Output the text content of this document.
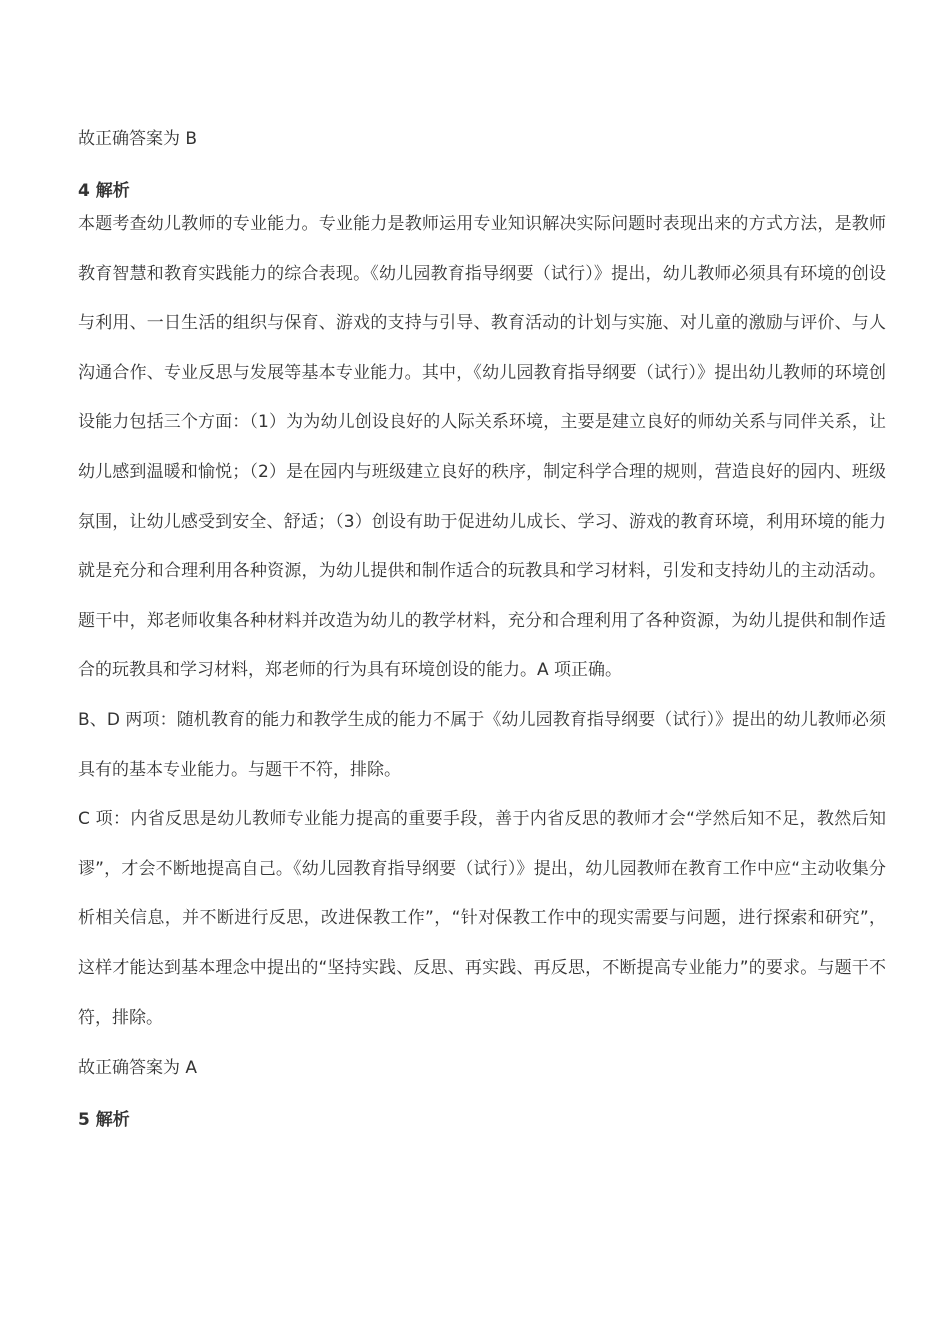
故正确答案为 B

4 解析

本题考查幼儿教师的专业能力。专业能力是教师运用专业知识解决实际问题时表现出来的方式方法，是教师教育智慧和教育实践能力的综合表现。《幼儿园教育指导纲要（试行）》提出，幼儿教师必须具有环境的创设与利用、一日生活的组织与保育、游戏的支持与引导、教育活动的计划与实施、对儿童的激励与评价、与人沟通合作、专业反思与发展等基本专业能力。其中，《幼儿园教育指导纲要（试行）》提出幼儿教师的环境创设能力包括三个方面：（1）为为幼儿创设良好的人际关系环境，主要是建立良好的师幼关系与同伴关系，让幼儿感到温暖和愉悦；（2）是在园内与班级建立良好的秩序，制定科学合理的规则，营造良好的园内、班级氛围，让幼儿感受到安全、舒适；（3）创设有助于促进幼儿成长、学习、游戏的教育环境，利用环境的能力就是充分和合理利用各种资源，为幼儿提供和制作适合的玩教具和学习材料，引发和支持幼儿的主动活动。题干中，郑老师收集各种材料并改造为幼儿的教学材料，充分和合理利用了各种资源，为幼儿提供和制作适合的玩教具和学习材料，郑老师的行为具有环境创设的能力。A 项正确。

B、D 两项：随机教育的能力和教学生成的能力不属于《幼儿园教育指导纲要（试行）》提出的幼儿教师必须具有的基本专业能力。与题干不符，排除。

C 项：内省反思是幼儿教师专业能力提高的重要手段，善于内省反思的教师才会“学然后知不足，教然后知谬”，才会不断地提高自己。《幼儿园教育指导纲要（试行）》提出，幼儿园教师在教育工作中应“主动收集分析相关信息，并不断进行反思，改进保教工作”，“针对保教工作中的现实需要与问题，进行探索和研究”，这样才能达到基本理念中提出的“坚持实践、反思、再实践、再反思，不断提高专业能力”的要求。与题干不符，排除。

故正确答案为 A

5 解析
